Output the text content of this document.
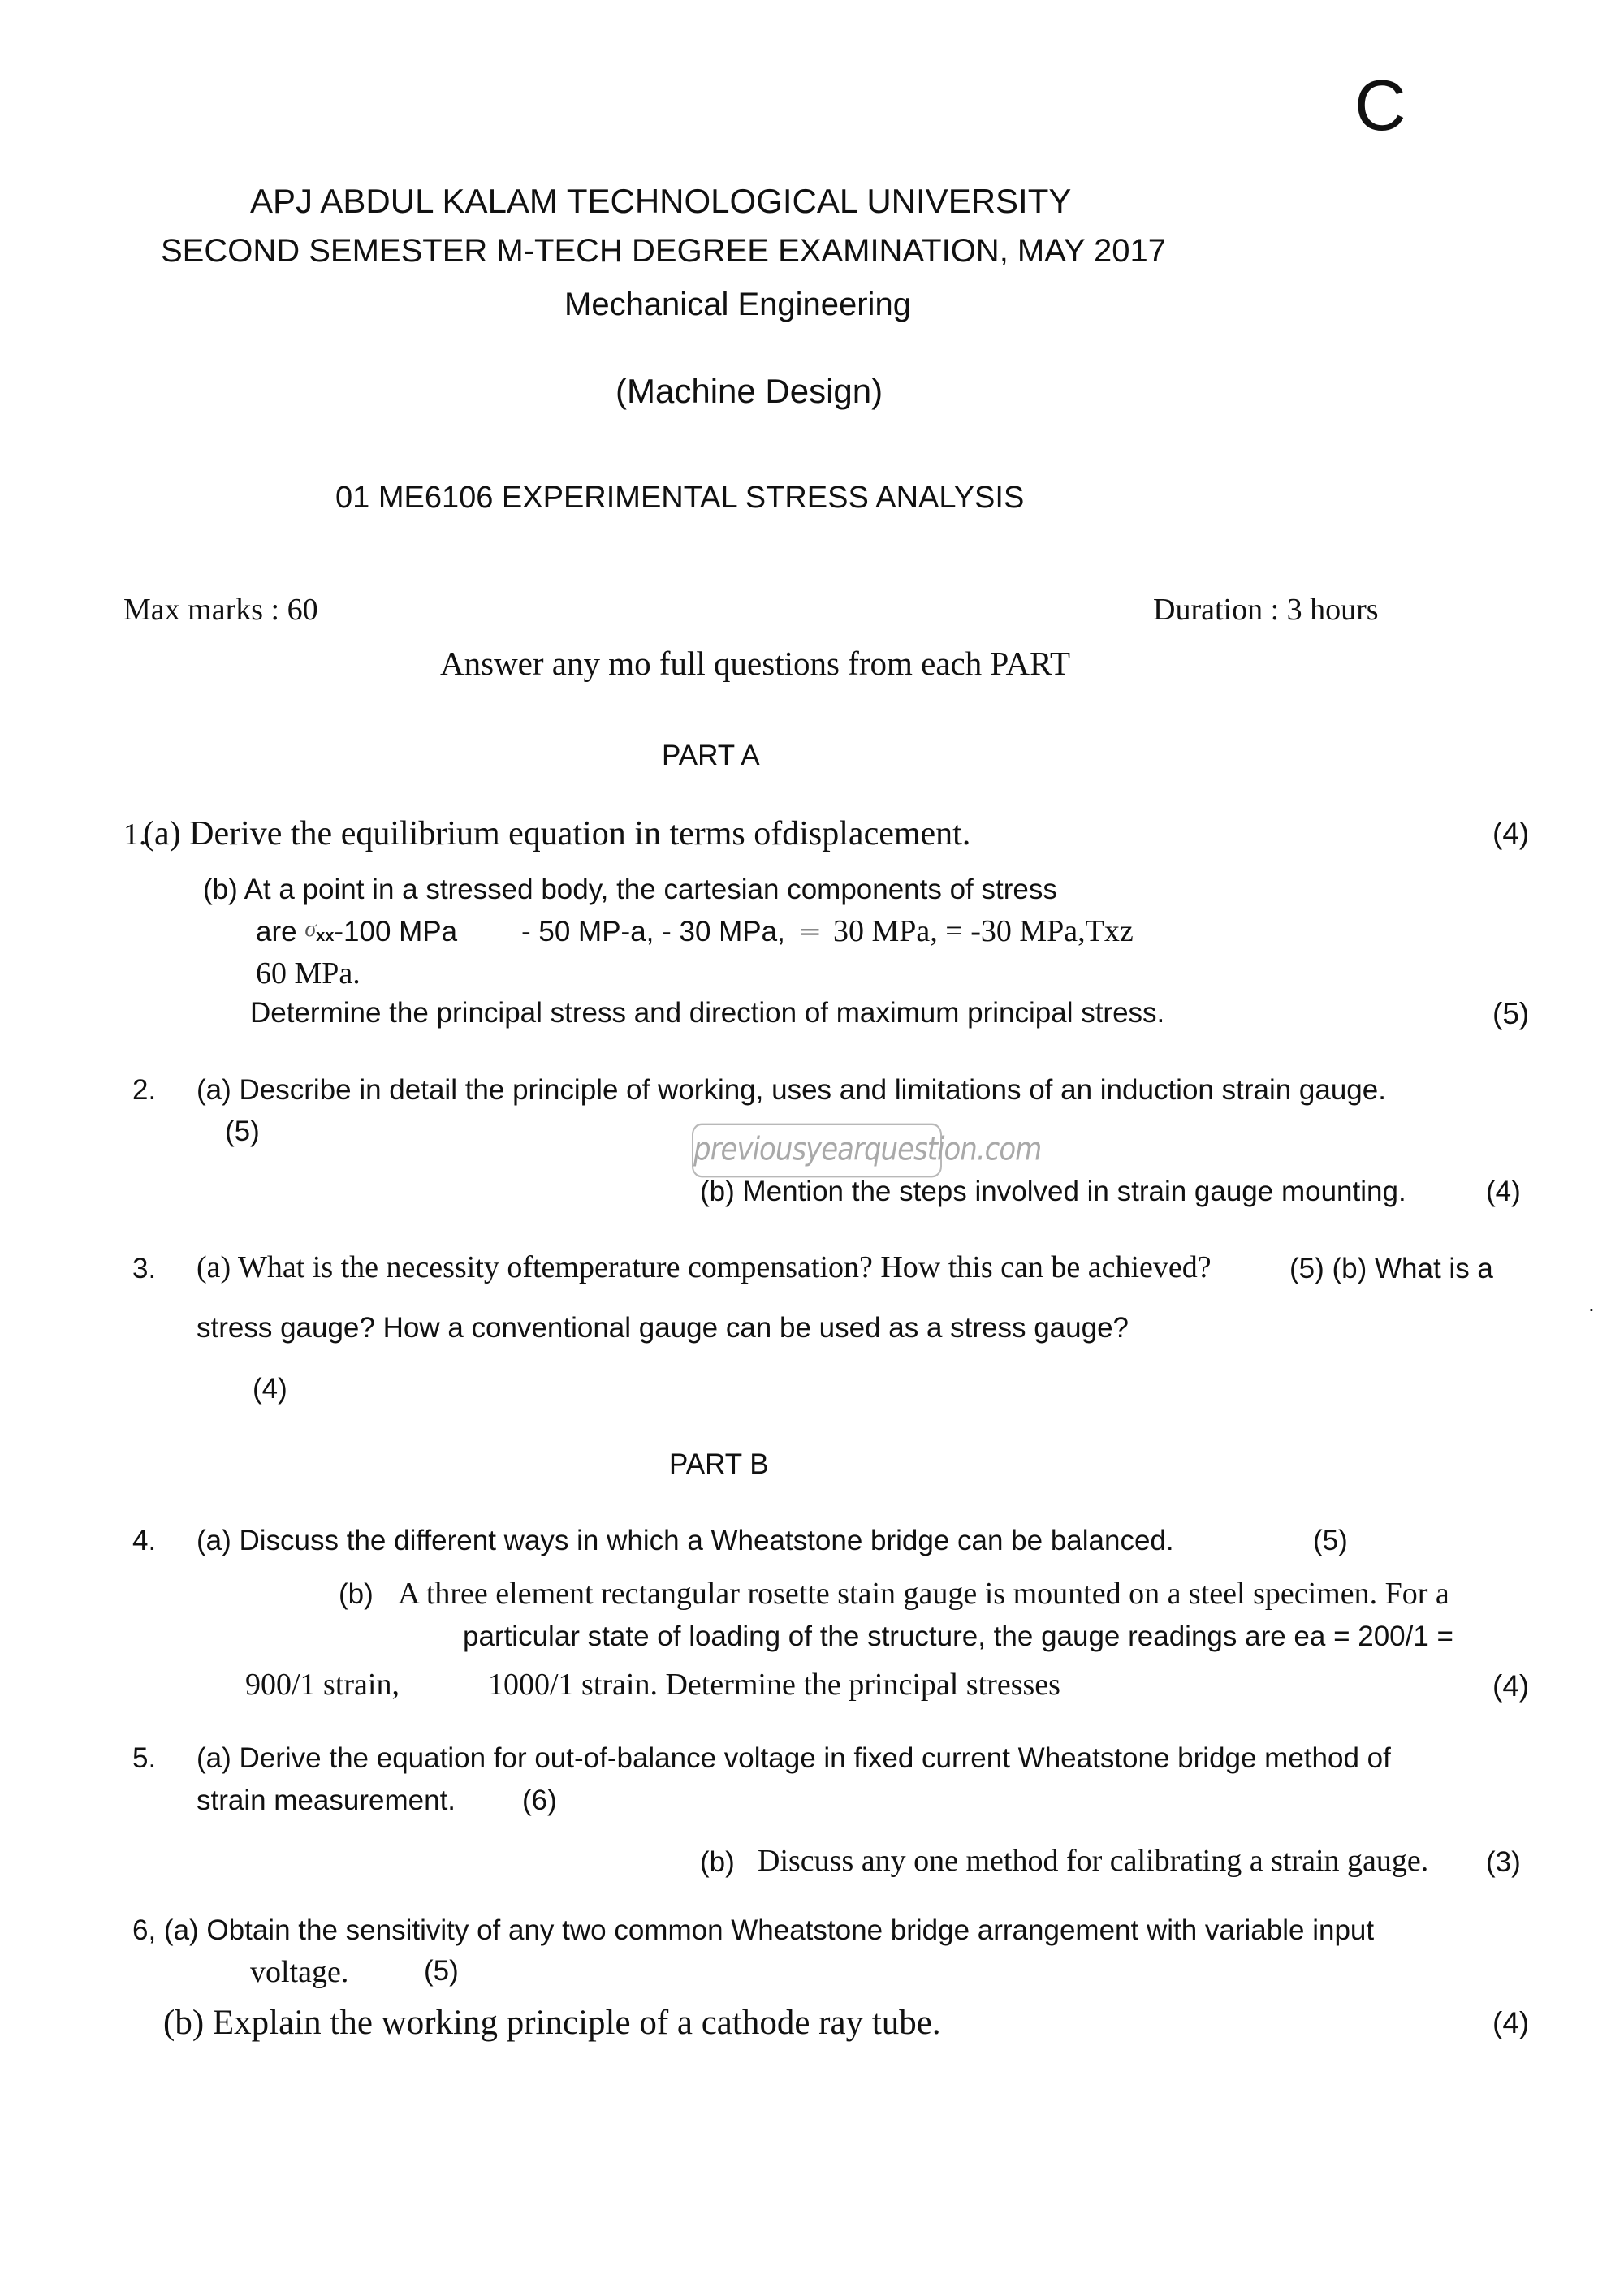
C
APJ ABDUL KALAM TECHNOLOGICAL UNIVERSITY
SECOND SEMESTER M-TECH DEGREE EXAMINATION, MAY 2017
Mechanical Engineering
(Machine Design)
01 ME6106 EXPERIMENTAL STRESS ANALYSIS
Max marks : 60	Duration : 3 hours
Answer any mo full questions from each PART
PART A
1.
(a) Derive the equilibrium equation in terms ofdisplacement.	(4)
(b) At a point in a stressed body, the cartesian components of stress
are σxx-100 MPa - 50 MP-a, - 30 MPa, ═ 30 MPa, = -30 MPa,Txz
60 MPa.
Determine the principal stress and direction of maximum principal stress.	(5)
2. (a) Describe in detail the principle of working, uses and limitations of an induction strain gauge.
(5)	previousyearquestion.com
(b) Mention the steps involved in strain gauge mounting.	(4)
3. (a) What is the necessity oftemperature compensation? How this can be achieved?	(5) (b) What is a
stress gauge? How a conventional gauge can be used as a stress gauge?
(4)
.
PART B
4. (a) Discuss the different ways in which a Wheatstone bridge can be balanced.	(5)
(b) A three element rectangular rosette stain gauge is mounted on a steel specimen. For a
particular state of loading of the structure, the gauge readings are ea = 200/1 =
900/1 strain,	1000/1 strain. Determine the principal stresses	(4)
5. (a) Derive the equation for out-of-balance voltage in fixed current Wheatstone bridge method of
strain measurement. (6)
(b) Discuss any one method for calibrating a strain gauge. (3)
6, (a) Obtain the sensitivity of any two common Wheatstone bridge arrangement with variable input
voltage.	(5)
(b) Explain the working principle of a cathode ray tube.	(4)
